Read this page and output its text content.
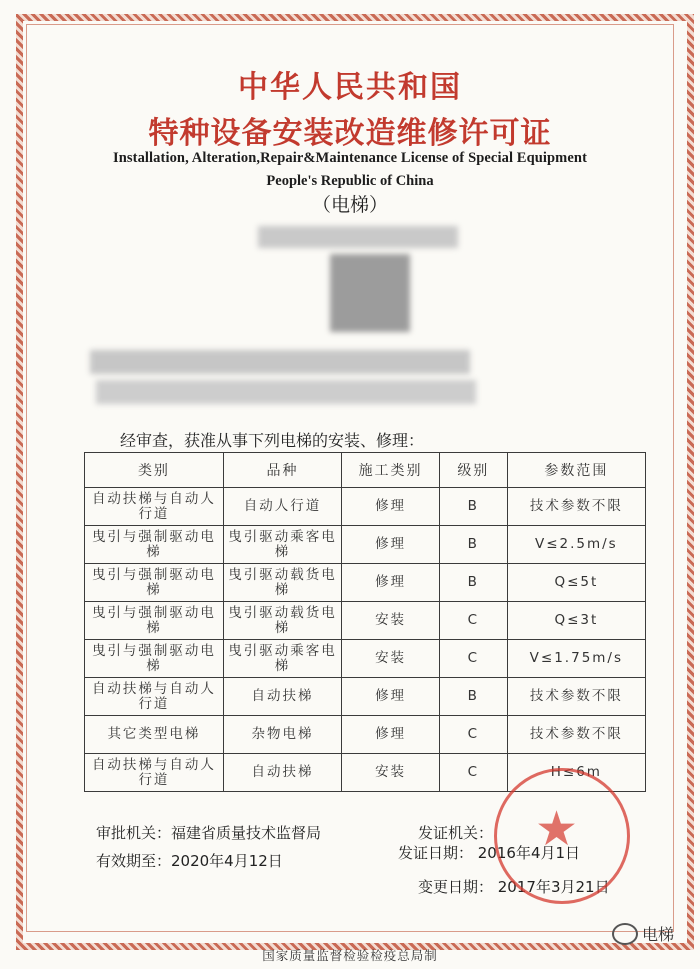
中华人民共和国
特种设备安装改造维修许可证
Installation, Alteration,Repair&Maintenance License of Special Equipment
People's Republic of China
（电梯）
经审查，获准从事下列电梯的安装、修理：
类别	品种	施工类别	级别	参数范围
自动扶梯与自动人行道	自动人行道	修理	B	技术参数不限
曳引与强制驱动电梯	曳引驱动乘客电梯	修理	B	V≤2.5m/s
曳引与强制驱动电梯	曳引驱动载货电梯	修理	B	Q≤5t
曳引与强制驱动电梯	曳引驱动载货电梯	安装	C	Q≤3t
曳引与强制驱动电梯	曳引驱动乘客电梯	安装	C	V≤1.75m/s
自动扶梯与自动人行道	自动扶梯	修理	B	技术参数不限
其它类型电梯	杂物电梯	修理	C	技术参数不限
自动扶梯与自动人行道	自动扶梯	安装	C	H≤6m
审批机关：福建省质量技术监督局
有效期至：2020年4月12日
发证机关：
发证日期： 2016年4月1日
变更日期： 2017年3月21日
★
国家质量监督检验检疫总局制
电梯
